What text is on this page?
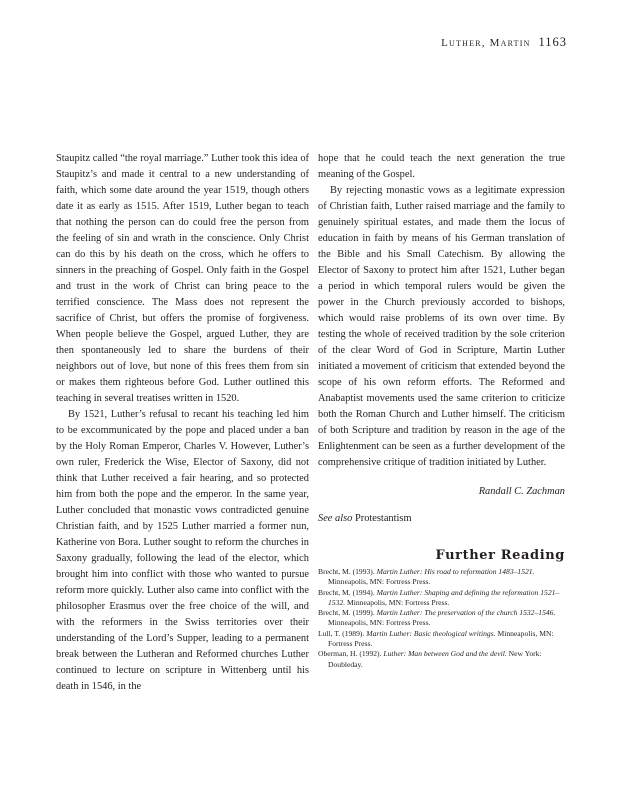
Luther, Martin 1163

Staupitz called “the royal marriage.” Luther took this idea of Staupitz’s and made it central to a new understanding of faith, which some date around the year 1519, though others date it as early as 1515. After 1519, Luther began to teach that nothing the person can do could free the person from the feeling of sin and wrath in the conscience. Only Christ can do this by his death on the cross, which he offers to sinners in the preaching of Gospel. Only faith in the Gospel and trust in the work of Christ can bring peace to the terrified conscience. The Mass does not represent the sacrifice of Christ, but offers the promise of forgiveness. When people believe the Gospel, argued Luther, they are then spontaneously led to share the burdens of their neighbors out of love, but none of this frees them from sin or makes them righteous before God. Luther outlined this teaching in several treatises written in 1520.

By 1521, Luther’s refusal to recant his teaching led him to be excommunicated by the pope and placed under a ban by the Holy Roman Emperor, Charles V. However, Luther’s own ruler, Frederick the Wise, Elector of Saxony, did not think that Luther received a fair hearing, and so protected him from both the pope and the emperor. In the same year, Luther concluded that monastic vows contradicted genuine Christian faith, and by 1525 Luther married a former nun, Katherine von Bora. Luther sought to reform the churches in Saxony gradually, following the lead of the elector, which brought him into conflict with those who wanted to pursue reform more quickly. Luther also came into conflict with the philosopher Erasmus over the free choice of the will, and with the reformers in the Swiss territories over their understanding of the Lord’s Supper, leading to a permanent break between the Lutheran and Reformed churches Luther continued to lecture on scripture in Wittenberg until his death in 1546, in the

hope that he could teach the next generation the true meaning of the Gospel.

By rejecting monastic vows as a legitimate expression of Christian faith, Luther raised marriage and the family to genuinely spiritual estates, and made them the locus of education in faith by means of his German translation of the Bible and his Small Catechism. By allowing the Elector of Saxony to protect him after 1521, Luther began a period in which temporal rulers would be given the power in the Church previously accorded to bishops, which would raise problems of its own over time. By testing the whole of received tradition by the sole criterion of the clear Word of God in Scripture, Martin Luther initiated a movement of criticism that extended beyond the scope of his own reform efforts. The Reformed and Anabaptist movements used the same criterion to criticize both the Roman Church and Luther himself. The criticism of both Scripture and tradition by reason in the age of the Enlightenment can be seen as a further development of the comprehensive critique of tradition initiated by Luther.

Randall C. Zachman
See also Protestantism
Further Reading
Brecht, M. (1993). Martin Luther: His road to reformation 1483–1521. Minneapolis, MN: Fortress Press.
Brecht, M. (1994). Martin Luther: Shaping and defining the reformation 1521–1532. Minneapolis, MN: Fortress Press.
Brecht, M. (1999). Martin Luther: The preservation of the church 1532–1546. Minneapolis, MN: Fortress Press.
Lull, T. (1989). Martin Luther: Basic theological writings. Minneapolis, MN: Fortress Press.
Oberman, H. (1992). Luther: Man between God and the devil. New York: Doubleday.
